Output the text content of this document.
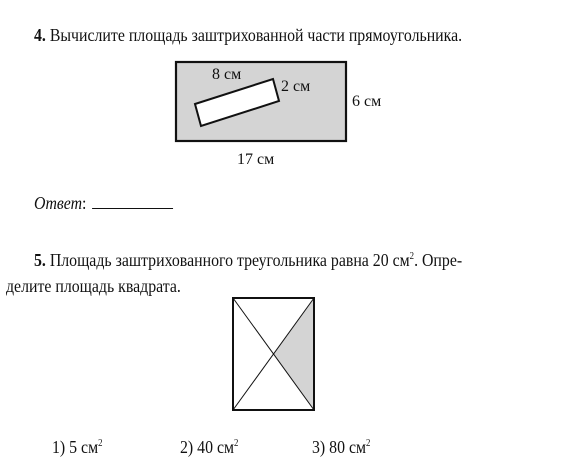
4. Вычислите площадь заштрихованной части прямоугольника.
8 см
2 см
6 см
17 см
Ответ:
5. Площадь заштрихованного треугольника равна 20 $см^2$. Опре-
делите площадь квадрата.
1) 5 $см^2$	2) 40 $см^2$	3) 80 $см^2$
